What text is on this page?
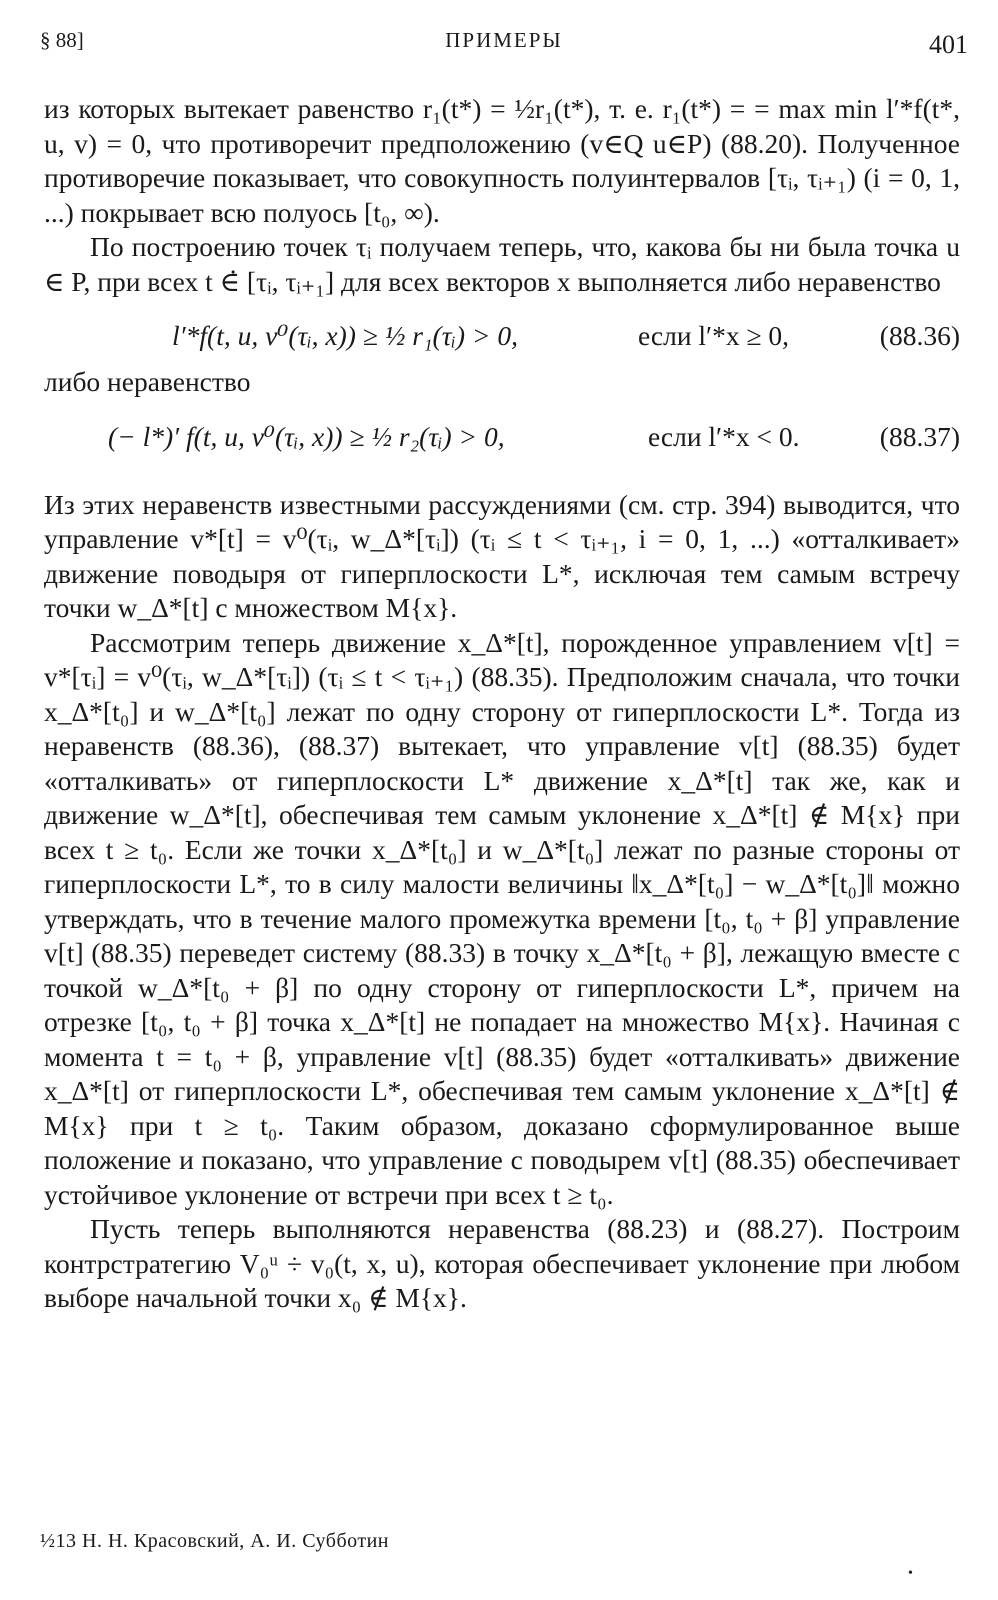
§ 88]	ПРИМЕРЫ	401

из которых вытекает равенство r₁(t*) = ½r₁(t*), т. е. r₁(t*) = = max min l′*f(t*, u, v) = 0, что противоречит предположению (v∈Q u∈P) (88.20). Полученное противоречие показывает, что совокупность полуинтервалов [τᵢ, τᵢ₊₁) (i = 0, 1, ...) покрывает всю полуось [t₀, ∞).

По построению точек τᵢ получаем теперь, что, какова бы ни была точка u ∈ P, при всех t ∈̇ [τᵢ, τᵢ₊₁] для всех векторов x выполняется либо неравенство

l′*f(t, u, v⁰(τᵢ, x)) ≥ ½ r₁(τᵢ) > 0,	если l′*x ≥ 0,	(88.36)

либо неравенство

(− l*)′ f(t, u, v⁰(τᵢ, x)) ≥ ½ r₂(τᵢ) > 0,	если l′*x < 0.	(88.37)

Из этих неравенств известными рассуждениями (см. стр. 394) выводится, что управление v*[t] = v⁰(τᵢ, w_Δ*[τᵢ]) (τᵢ ≤ t < τᵢ₊₁, i = 0, 1, ...) «отталкивает» движение поводыря от гиперплоскости L*, исключая тем самым встречу точки w_Δ*[t] с множеством M{x}.

Рассмотрим теперь движение x_Δ*[t], порожденное управлением v[t] = v*[τᵢ] = v⁰(τᵢ, w_Δ*[τᵢ]) (τᵢ ≤ t < τᵢ₊₁) (88.35). Предположим сначала, что точки x_Δ*[t₀] и w_Δ*[t₀] лежат по одну сторону от гиперплоскости L*. Тогда из неравенств (88.36), (88.37) вытекает, что управление v[t] (88.35) будет «отталкивать» от гиперплоскости L* движение x_Δ*[t] так же, как и движение w_Δ*[t], обеспечивая тем самым уклонение x_Δ*[t] ∉ M{x} при всех t ≥ t₀. Если же точки x_Δ*[t₀] и w_Δ*[t₀] лежат по разные стороны от гиперплоскости L*, то в силу малости величины ‖x_Δ*[t₀] − w_Δ*[t₀]‖ можно утверждать, что в течение малого промежутка времени [t₀, t₀ + β] управление v[t] (88.35) переведет систему (88.33) в точку x_Δ*[t₀ + β], лежащую вместе с точкой w_Δ*[t₀ + β] по одну сторону от гиперплоскости L*, причем на отрезке [t₀, t₀ + β] точка x_Δ*[t] не попадает на множество M{x}. Начиная с момента t = t₀ + β, управление v[t] (88.35) будет «отталкивать» движение x_Δ*[t] от гиперплоскости L*, обеспечивая тем самым уклонение x_Δ*[t] ∉ M{x} при t ≥ t₀. Таким образом, доказано сформулированное выше положение и показано, что управление с поводырем v[t] (88.35) обеспечивает устойчивое уклонение от встречи при всех t ≥ t₀.

Пусть теперь выполняются неравенства (88.23) и (88.27). Построим контрстратегию V₀ᵘ ÷ v₀(t, x, u), которая обеспечивает уклонение при любом выборе начальной точки x₀ ∉ M{x}.

½13 Н. Н. Красовский, А. И. Субботин
•
